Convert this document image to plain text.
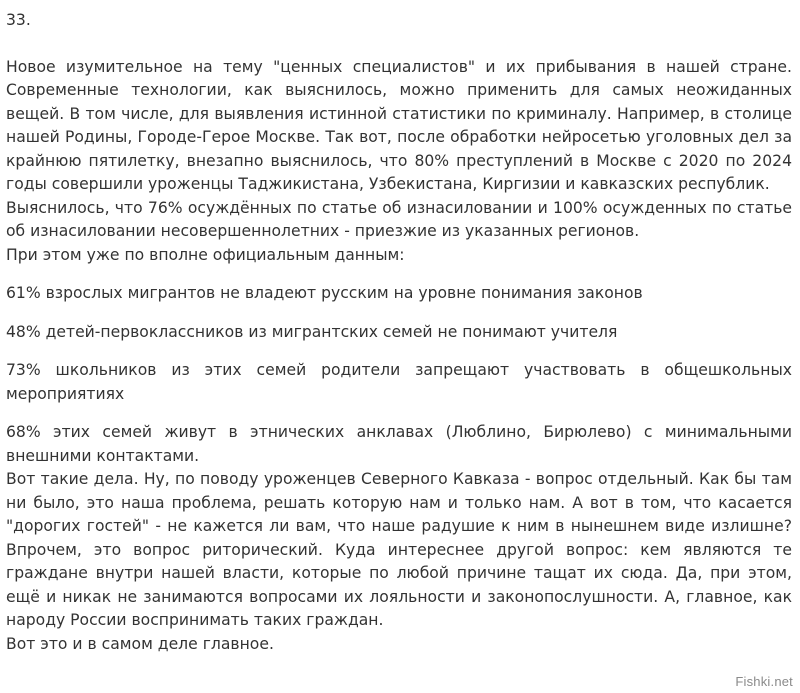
33.

Новое изумительное на тему "ценных специалистов" и их прибывания в нашей стране. Современные технологии, как выяснилось, можно применить для самых неожиданных вещей. В том числе, для выявления истинной статистики по криминалу. Например, в столице нашей Родины, Городе-Герое Москве. Так вот, после обработки нейросетью уголовных дел за крайнюю пятилетку, внезапно выяснилось, что 80% преступлений в Москве с 2020 по 2024 годы совершили уроженцы Таджикистана, Узбекистана, Киргизии и кавказских республик.

Выяснилось, что 76% осуждённых по статье об изнасиловании и 100% осужденных по статье об изнасиловании несовершеннолетних - приезжие из указанных регионов.

При этом уже по вполне официальным данным:

61% взрослых мигрантов не владеют русским на уровне понимания законов

48% детей-первоклассников из мигрантских семей не понимают учителя

73% школьников из этих семей родители запрещают участвовать в общешкольных мероприятиях

68% этих семей живут в этнических анклавах (Люблино, Бирюлево) с минимальными внешними контактами.

Вот такие дела. Ну, по поводу уроженцев Северного Кавказа - вопрос отдельный. Как бы там ни было, это наша проблема, решать которую нам и только нам. А вот в том, что касается "дорогих гостей" - не кажется ли вам, что наше радушие к ним в нынешнем виде излишне? Впрочем, это вопрос риторический. Куда интереснее другой вопрос: кем являются те граждане внутри нашей власти, которые по любой причине тащат их сюда. Да, при этом, ещё и никак не занимаются вопросами их лояльности и законопослушности. А, главное, как народу России воспринимать таких граждан.

Вот это и в самом деле главное.

Fishki.net
